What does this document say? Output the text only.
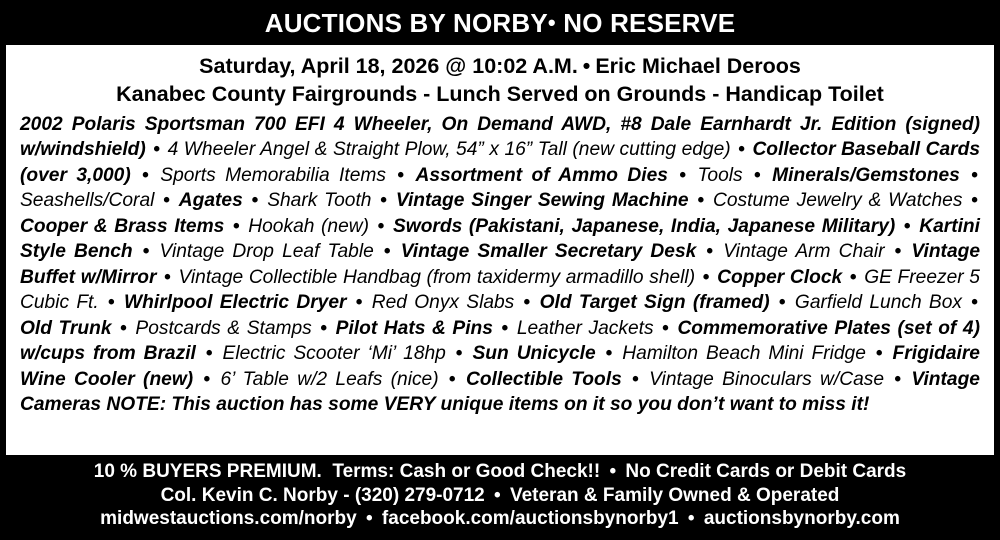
AUCTIONS BY NORBY• NO RESERVE
Saturday, April 18, 2026 @ 10:02 A.M. • Eric Michael Deroos
Kanabec County Fairgrounds - Lunch Served on Grounds - Handicap Toilet
2002 Polaris Sportsman 700 EFI 4 Wheeler, On Demand AWD, #8 Dale Earnhardt Jr. Edition (signed) w/windshield) • 4 Wheeler Angel & Straight Plow, 54” x 16” Tall (new cutting edge) • Collector Baseball Cards (over 3,000) • Sports Memorabilia Items • Assortment of Ammo Dies • Tools • Minerals/Gemstones • Seashells/Coral • Agates • Shark Tooth • Vintage Singer Sewing Machine • Costume Jewelry & Watches • Cooper & Brass Items • Hookah (new) • Swords (Pakistani, Japanese, India, Japanese Military) • Kartini Style Bench • Vintage Drop Leaf Table • Vintage Smaller Secretary Desk • Vintage Arm Chair • Vintage Buffet w/Mirror • Vintage Collectible Handbag (from taxidermy armadillo shell) • Copper Clock • GE Freezer 5 Cubic Ft. • Whirlpool Electric Dryer • Red Onyx Slabs • Old Target Sign (framed) • Garfield Lunch Box • Old Trunk • Postcards & Stamps • Pilot Hats & Pins • Leather Jackets • Commemorative Plates (set of 4) w/cups from Brazil • Electric Scooter ‘Mi’ 18hp • Sun Unicycle • Hamilton Beach Mini Fridge • Frigidaire Wine Cooler (new) • 6’ Table w/2 Leafs (nice) • Collectible Tools • Vintage Binoculars w/Case • Vintage Cameras NOTE: This auction has some VERY unique items on it so you don’t want to miss it!
10 % BUYERS PREMIUM. Terms: Cash or Good Check!! • No Credit Cards or Debit Cards
Col. Kevin C. Norby - (320) 279-0712 • Veteran & Family Owned & Operated
midwestauctions.com/norby • facebook.com/auctionsbynorby1 • auctionsbynorby.com
